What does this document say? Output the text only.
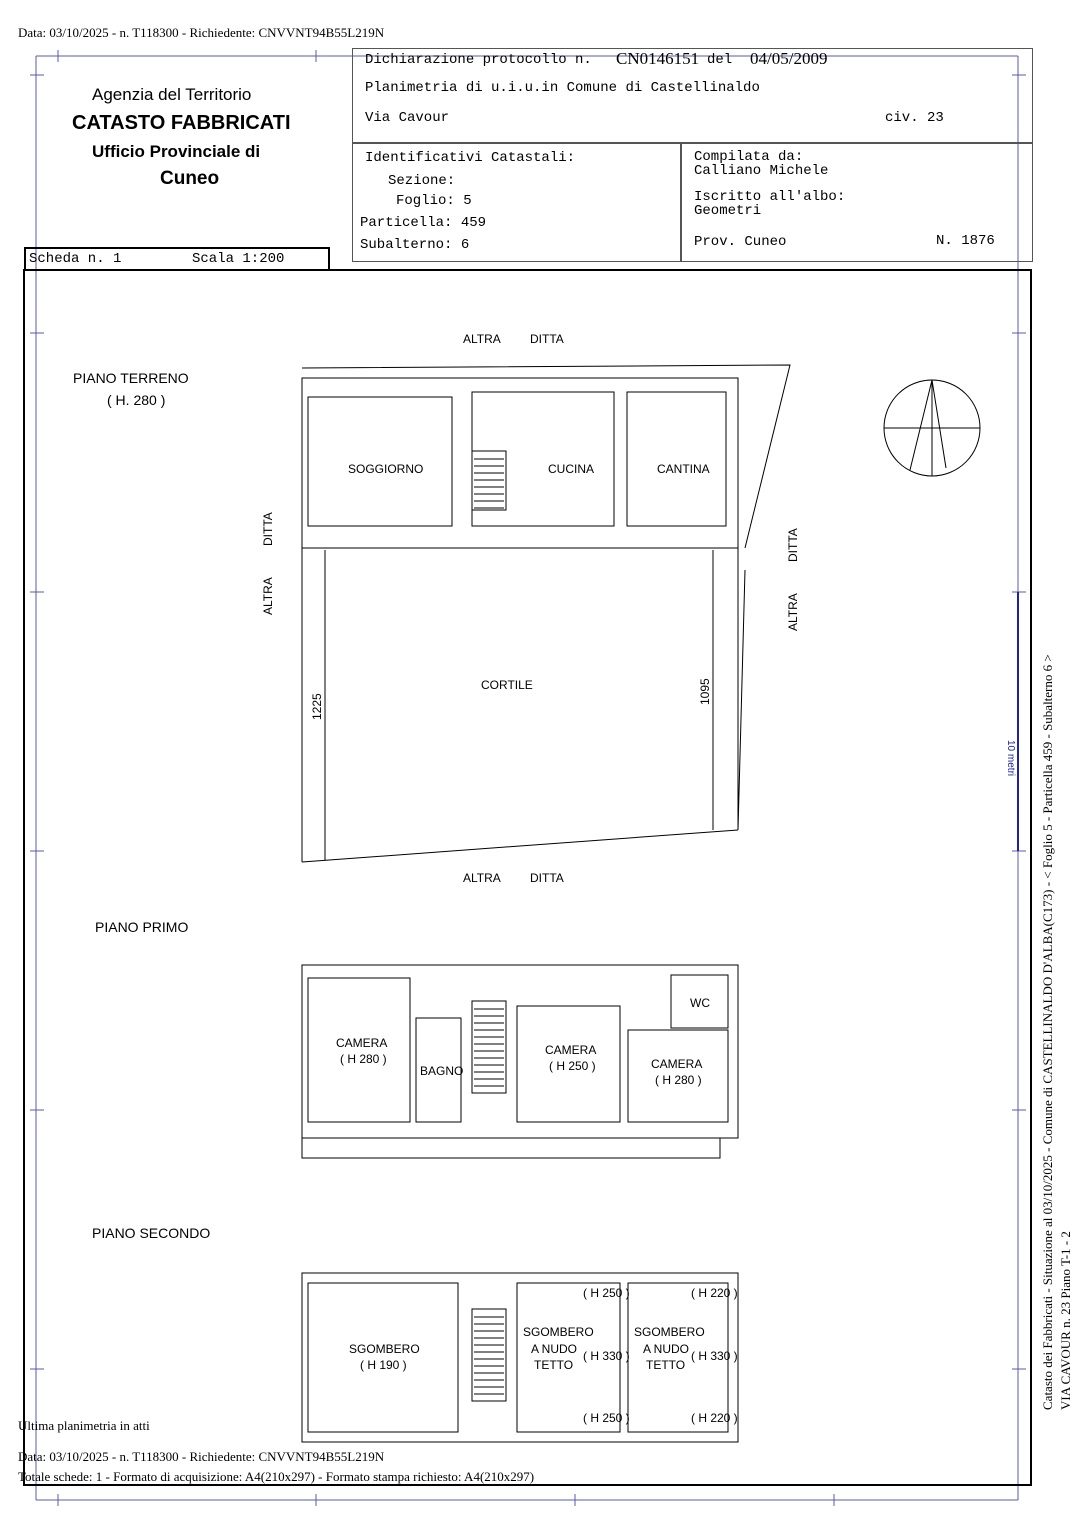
Data: 03/10/2025 - n. T118300 - Richiedente: CNVVNT94B55L219N
10 metri
Agenzia del Territorio
CATASTO FABBRICATI
Ufficio Provinciale di
Cuneo
Dichiarazione protocollo n. CN0146151 del 04/05/2009
Planimetria di u.i.u.in Comune di Castellinaldo
Via Cavour	civ. 23
Identificativi Catastali:
Sezione:
Foglio: 5
Particella: 459
Subalterno: 6
Compilata da:
Calliano Michele
Iscritto all'albo:
Geometri
Prov. Cuneo	N. 1876
Scheda n. 1	Scala 1:200
ALTRA DITTA
ALTRA DITTA
ALTRA
DITTA
ALTRA
DITTA
PIANO TERRENO
( H. 280 )
SOGGIORNO	CUCINA	CANTINA
CORTILE
1225
1095
PIANO PRIMO
CAMERA
( H 280 )
BAGNO
CAMERA
( H 250 )	CAMERA
( H 280 )
WC
PIANO SECONDO
SGOMBERO
( H 190 )
SGOMBERO
A NUDO
TETTO
SGOMBERO
A NUDO
TETTO
( H 250 )
( H 250 )
( H 330 )
( H 220 )
( H 220 )
( H 330 )	Catasto dei Fabbricati - Situazione al 03/10/2025 - Comune di CASTELLINALDO D'ALBA(C173) - < Foglio 5 - Particella 459 - Subalterno 6 > VIA CAVOUR n. 23 Piano T-1 - 2
Ultima planimetria in atti
Data: 03/10/2025 - n. T118300 - Richiedente: CNVVNT94B55L219N
Totale schede: 1 - Formato di acquisizione: A4(210x297) - Formato stampa richiesto: A4(210x297)
